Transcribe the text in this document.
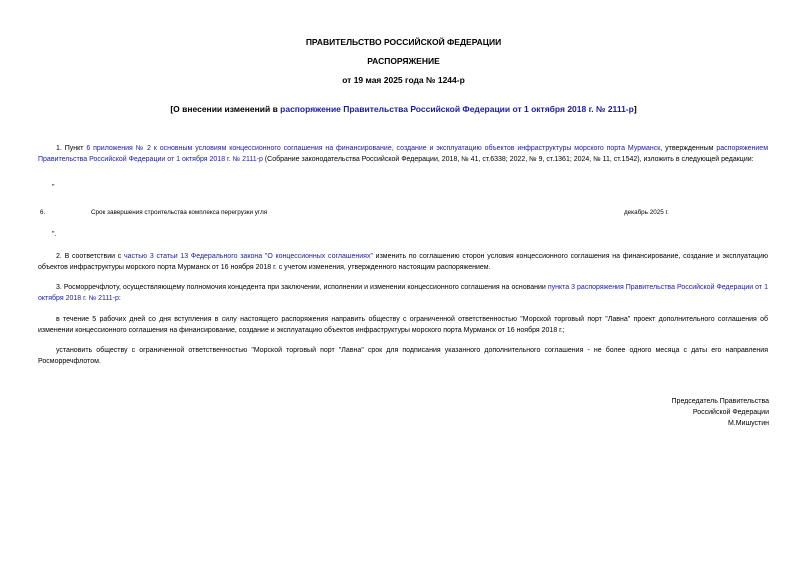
ПРАВИТЕЛЬСТВО РОССИЙСКОЙ ФЕДЕРАЦИИ
РАСПОРЯЖЕНИЕ
от 19 мая 2025 года № 1244-р
[О внесении изменений в распоряжение Правительства Российской Федерации от 1 октября 2018 г. № 2111-р]
1. Пункт 6 приложения № 2 к основным условиям концессионного соглашения на финансирование, создание и эксплуатацию объектов инфраструктуры морского порта Мурманск, утвержденным распоряжением Правительства Российской Федерации от 1 октября 2018 г. № 2111-р (Собрание законодательства Российской Федерации, 2018, № 41, ст.6338; 2022, № 9, ст.1361; 2024, № 11, ст.1542), изложить в следующей редакции:
"
6.	Срок завершения строительства комплекса перегрузки угля	декабрь 2025 г.
".
2. В соответствии с частью 3 статьи 13 Федерального закона "О концессионных соглашениях" изменить по соглашению сторон условия концессионного соглашения на финансирование, создание и эксплуатацию объектов инфраструктуры морского порта Мурманск от 16 ноября 2018 г. с учетом изменения, утвержденного настоящим распоряжением.
3. Росморречфлоту, осуществляющему полномочия концедента при заключении, исполнении и изменении концессионного соглашения на основании пункта 3 распоряжения Правительства Российской Федерации от 1 октября 2018 г. № 2111-р:
в течение 5 рабочих дней со дня вступления в силу настоящего распоряжения направить обществу с ограниченной ответственностью "Морской торговый порт "Лавна" проект дополнительного соглашения об изменении концессионного соглашения на финансирование, создание и эксплуатацию объектов инфраструктуры морского порта Мурманск от 16 ноября 2018 г.;
установить обществу с ограниченной ответственностью "Морской торговый порт "Лавна" срок для подписания указанного дополнительного соглашения - не более одного месяца с даты его направления Росморречфлотом.
Председатель Правительства
Российской Федерации
М.Мишустин
